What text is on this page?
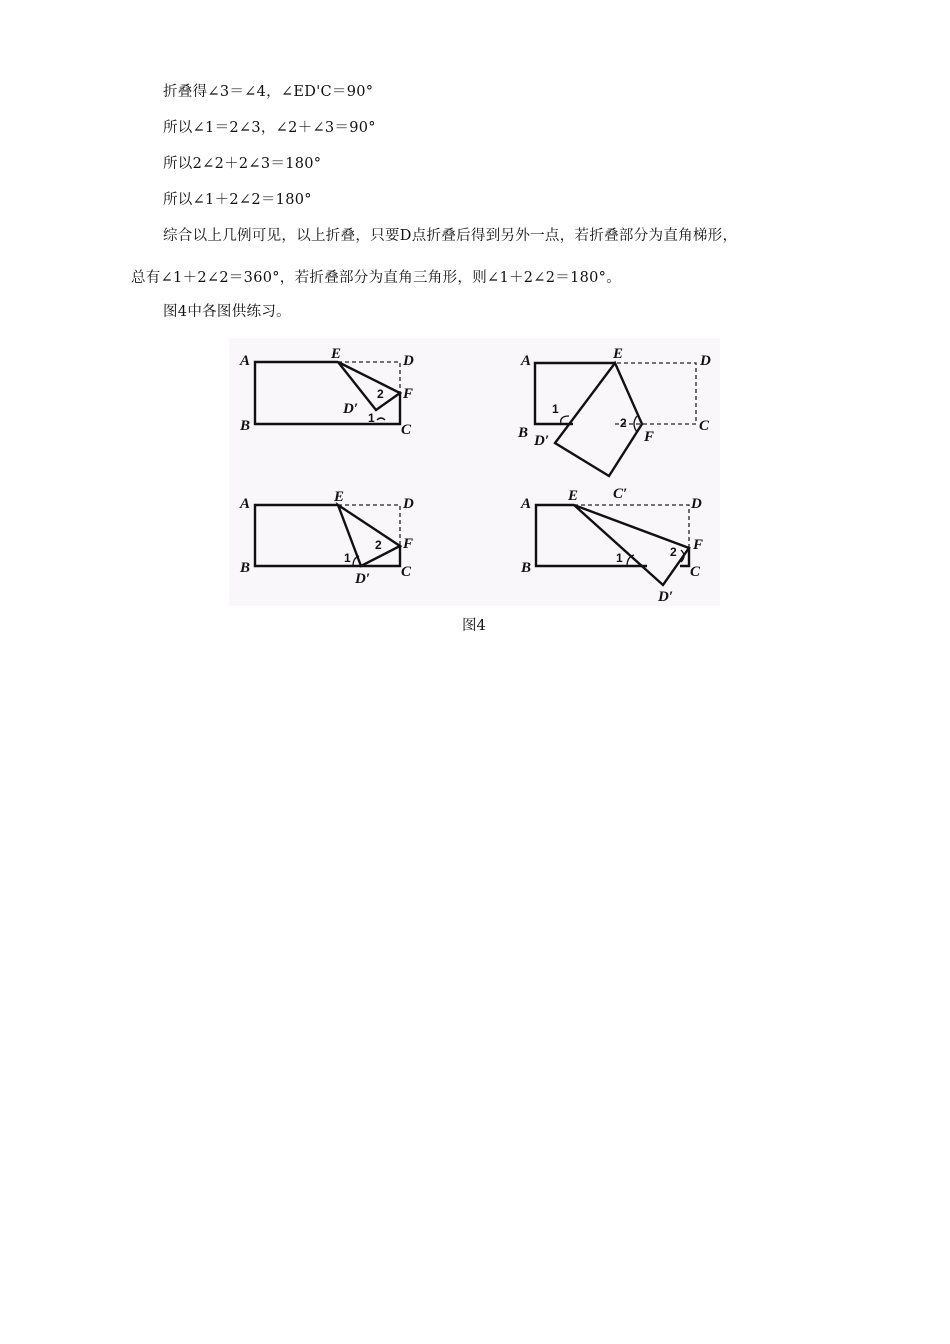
折叠得∠3＝∠4，∠ED'C＝90°
所以∠1＝2∠3，∠2＋∠3＝90°
所以2∠2＋2∠3＝180°
所以∠1＋2∠2＝180°
综合以上几例可见，以上折叠，只要D点折叠后得到另外一点，若折叠部分为直角梯形，
总有∠1＋2∠2＝360°，若折叠部分为直角三角形，则∠1＋2∠2＝180°。
图4中各图供练习。
A
B
E	D
F
C
D′
1
2
A
B
E	D
C
F
D′
1
2
A
B
E	D
F
C
D′
1
2
A
B
E C′
D
F
C
D′
1	2
图4
